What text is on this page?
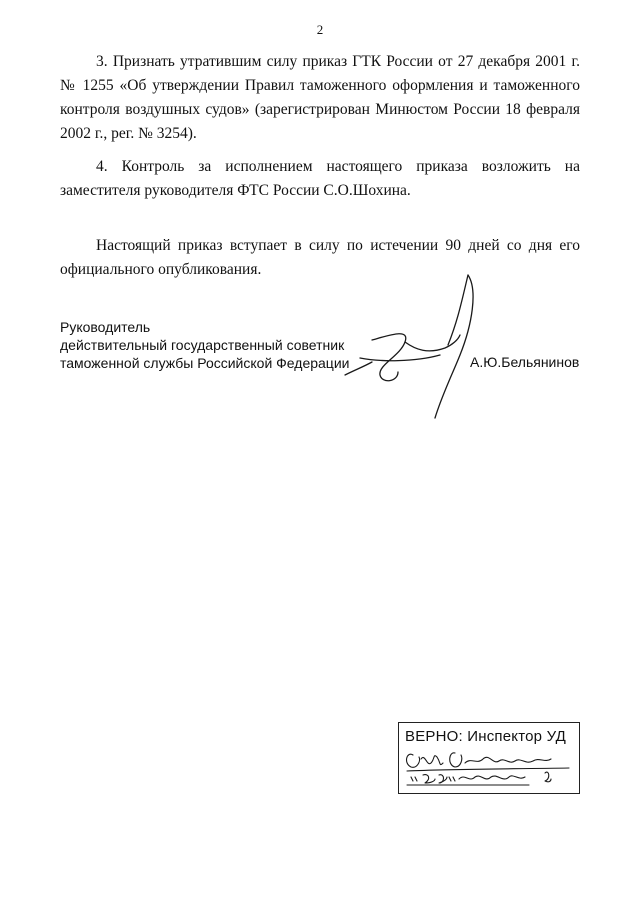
2

3. Признать утратившим силу приказ ГТК России от 27 декабря 2001 г. № 1255 «Об утверждении Правил таможенного оформления и таможенного контроля воздушных судов» (зарегистрирован Минюстом России 18 февраля 2002 г., рег. № 3254).

4. Контроль за исполнением настоящего приказа возложить на заместителя руководителя ФТС России С.О.Шохина.

Настоящий приказ вступает в силу по истечении 90 дней со дня его официального опубликования.

Руководитель
действительный государственный советник
таможенной службы Российской Федерации	А.Ю.Бельянинов
ВЕРНО: Инспектор УД
